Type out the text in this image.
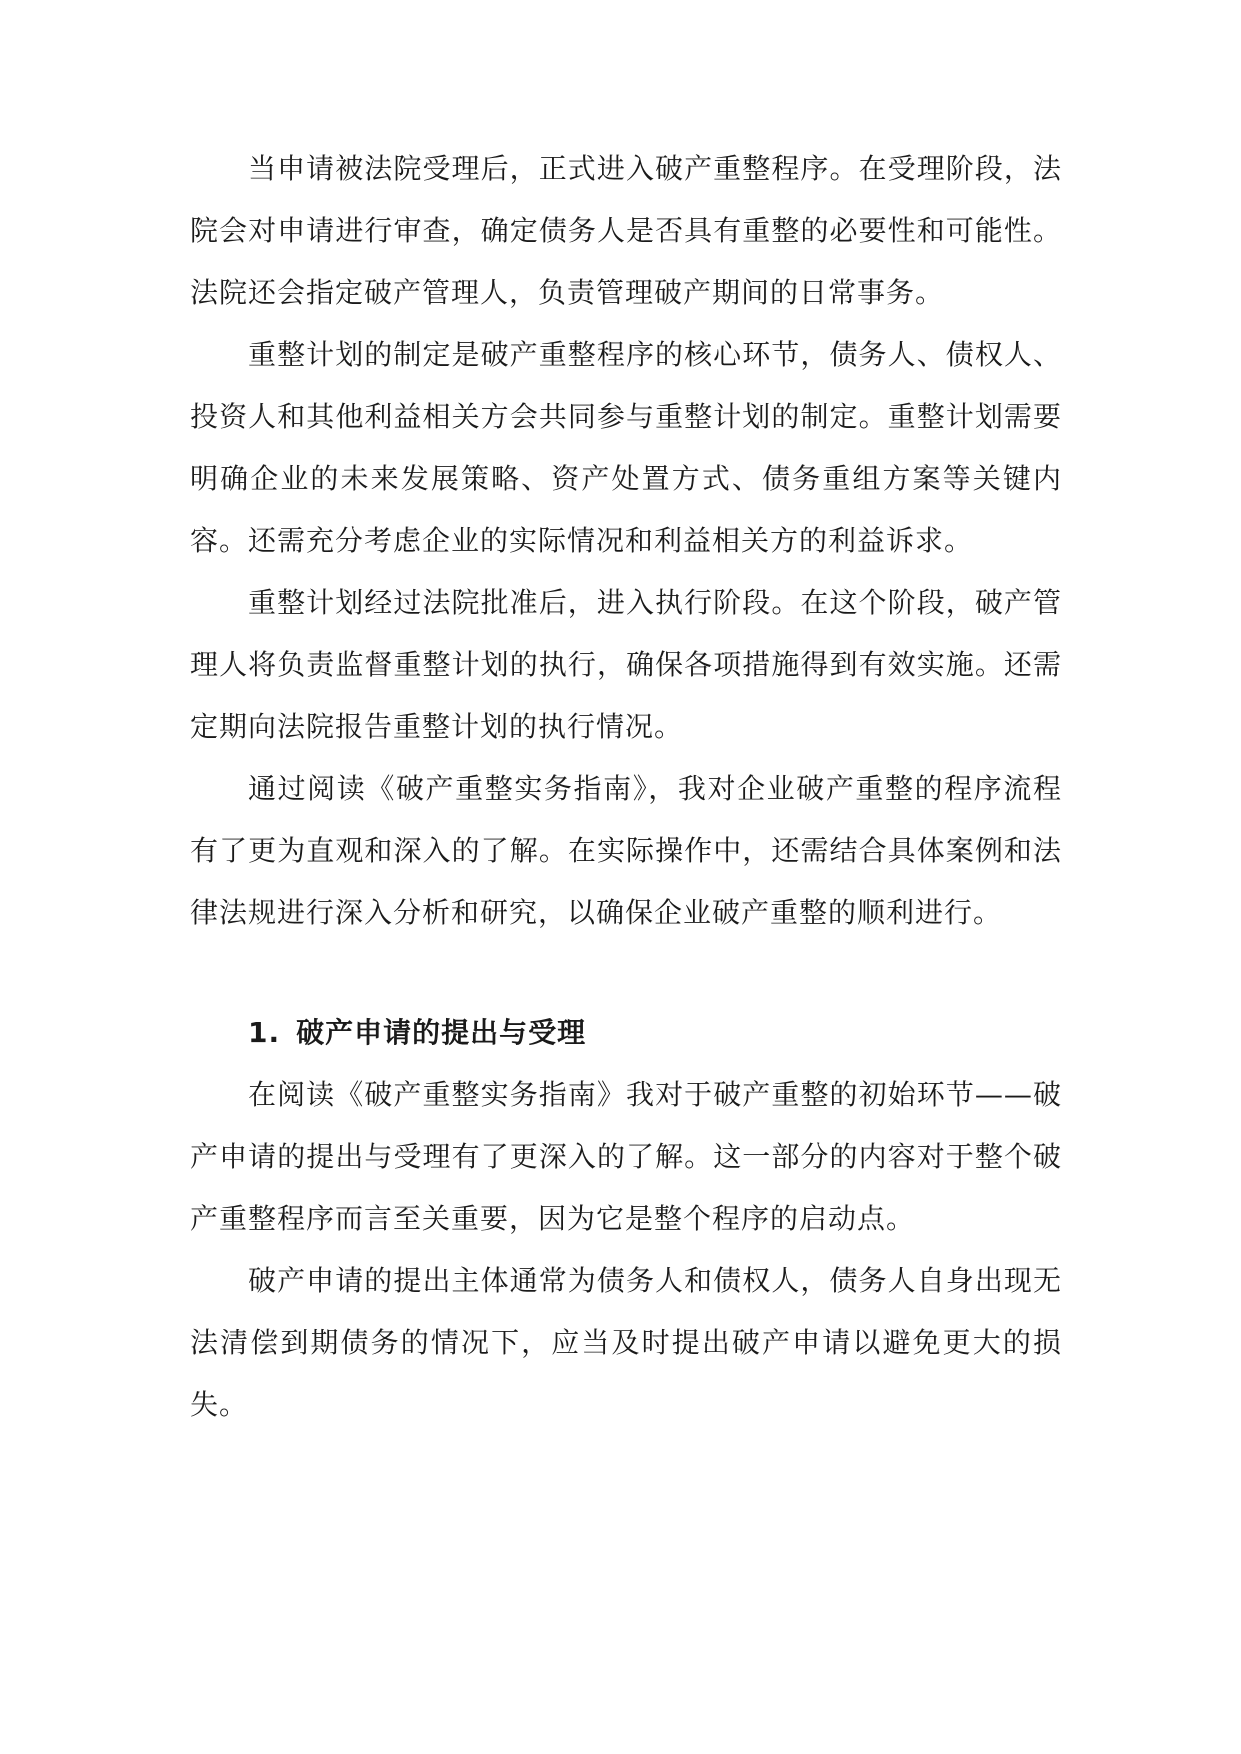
当申请被法院受理后，正式进入破产重整程序。在受理阶段，法院会对申请进行审查，确定债务人是否具有重整的必要性和可能性。法院还会指定破产管理人，负责管理破产期间的日常事务。

重整计划的制定是破产重整程序的核心环节，债务人、债权人、投资人和其他利益相关方会共同参与重整计划的制定。重整计划需要明确企业的未来发展策略、资产处置方式、债务重组方案等关键内容。还需充分考虑企业的实际情况和利益相关方的利益诉求。

重整计划经过法院批准后，进入执行阶段。在这个阶段，破产管理人将负责监督重整计划的执行，确保各项措施得到有效实施。还需定期向法院报告重整计划的执行情况。

通过阅读《破产重整实务指南》，我对企业破产重整的程序流程有了更为直观和深入的了解。在实际操作中，还需结合具体案例和法律法规进行深入分析和研究，以确保企业破产重整的顺利进行。

1. 破产申请的提出与受理

在阅读《破产重整实务指南》我对于破产重整的初始环节——破产申请的提出与受理有了更深入的了解。这一部分的内容对于整个破产重整程序而言至关重要，因为它是整个程序的启动点。

破产申请的提出主体通常为债务人和债权人，债务人自身出现无法清偿到期债务的情况下，应当及时提出破产申请以避免更大的损失。
